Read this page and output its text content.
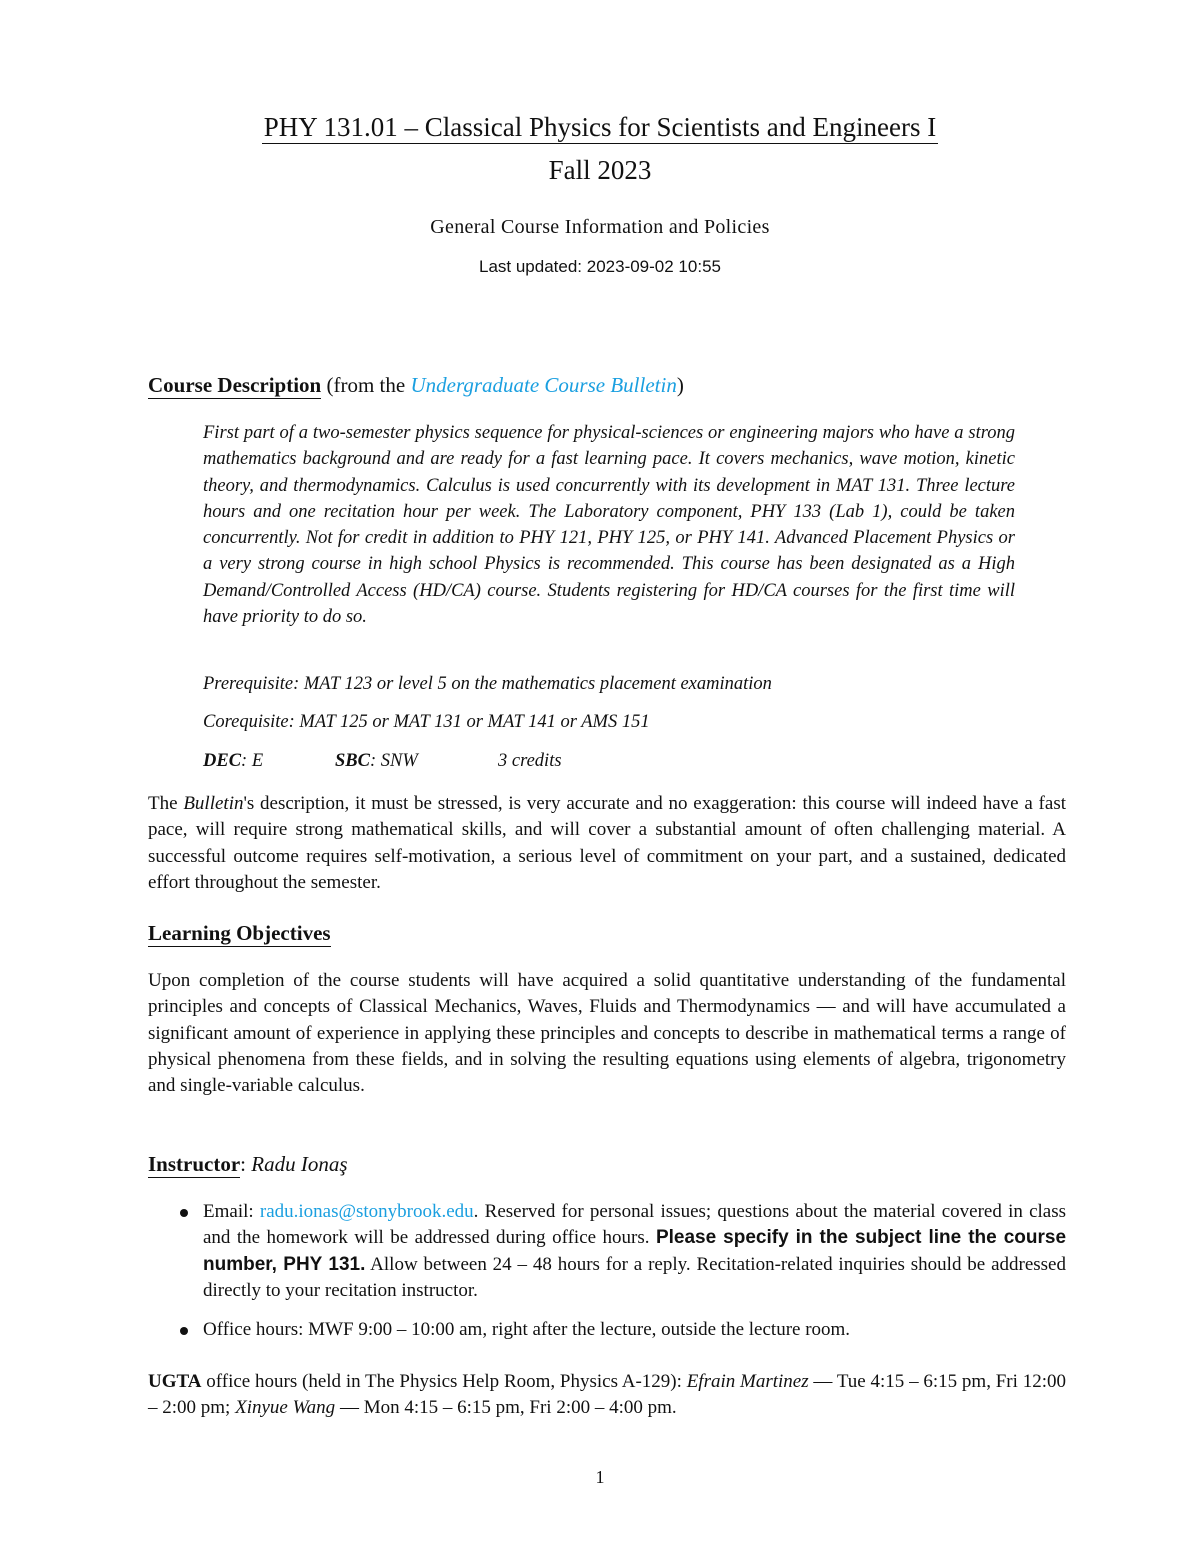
PHY 131.01 – Classical Physics for Scientists and Engineers I
Fall 2023
General Course Information and Policies
Last updated: 2023-09-02 10:55
Course Description (from the Undergraduate Course Bulletin)
First part of a two-semester physics sequence for physical-sciences or engineering majors who have a strong mathematics background and are ready for a fast learning pace. It covers mechanics, wave motion, kinetic theory, and thermodynamics. Calculus is used concurrently with its development in MAT 131. Three lecture hours and one recitation hour per week. The Laboratory component, PHY 133 (Lab 1), could be taken concurrently. Not for credit in addition to PHY 121, PHY 125, or PHY 141. Advanced Placement Physics or a very strong course in high school Physics is recommended. This course has been designated as a High Demand/Controlled Access (HD/CA) course. Students registering for HD/CA courses for the first time will have priority to do so.
Prerequisite: MAT 123 or level 5 on the mathematics placement examination
Corequisite: MAT 125 or MAT 131 or MAT 141 or AMS 151
DEC: E	SBC: SNW	3 credits
The Bulletin's description, it must be stressed, is very accurate and no exaggeration: this course will indeed have a fast pace, will require strong mathematical skills, and will cover a substantial amount of often challenging material. A successful outcome requires self-motivation, a serious level of commitment on your part, and a sustained, dedicated effort throughout the semester.
Learning Objectives
Upon completion of the course students will have acquired a solid quantitative understanding of the fundamental principles and concepts of Classical Mechanics, Waves, Fluids and Thermodynamics — and will have accumulated a significant amount of experience in applying these principles and concepts to describe in mathematical terms a range of physical phenomena from these fields, and in solving the resulting equations using elements of algebra, trigonometry and single-variable calculus.
Instructor: Radu Ionaş
Email: radu.ionas@stonybrook.edu. Reserved for personal issues; questions about the material covered in class and the homework will be addressed during office hours. Please specify in the subject line the course number, PHY 131. Allow between 24 – 48 hours for a reply. Recitation-related inquiries should be addressed directly to your recitation instructor.
Office hours: MWF 9:00 – 10:00 am, right after the lecture, outside the lecture room.
UGTA office hours (held in The Physics Help Room, Physics A-129): Efrain Martinez — Tue 4:15 – 6:15 pm, Fri 12:00 – 2:00 pm; Xinyue Wang — Mon 4:15 – 6:15 pm, Fri 2:00 – 4:00 pm.
1
